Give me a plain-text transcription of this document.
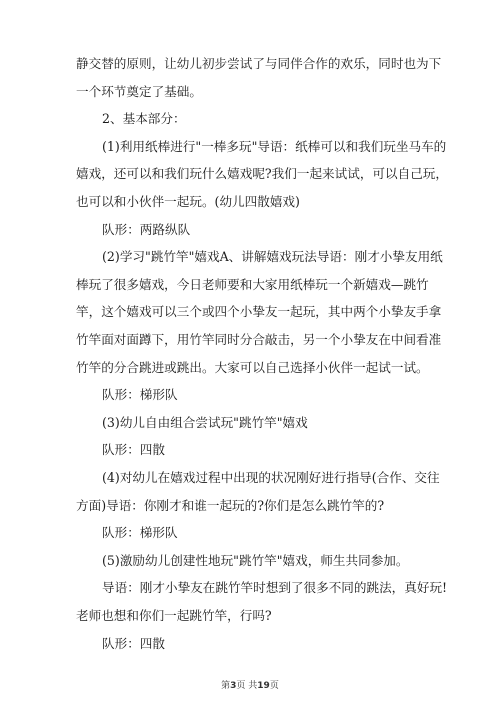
静交替的原则，让幼儿初步尝试了与同伴合作的欢乐，同时也为下

一个环节奠定了基础。

2、基本部分：

(1)利用纸棒进行"一棒多玩"导语：纸棒可以和我们玩坐马车的

嬉戏，还可以和我们玩什么嬉戏呢?我们一起来试试，可以自己玩，

也可以和小伙伴一起玩。(幼儿四散嬉戏)

队形：两路纵队

(2)学习"跳竹竿"嬉戏A、讲解嬉戏玩法导语：刚才小挚友用纸

棒玩了很多嬉戏，今日老师要和大家用纸棒玩一个新嬉戏—跳竹

竿，这个嬉戏可以三个或四个小挚友一起玩，其中两个小挚友手拿

竹竿面对面蹲下，用竹竿同时分合敲击，另一个小挚友在中间看准

竹竿的分合跳进或跳出。大家可以自己选择小伙伴一起试一试。

队形：梯形队

(3)幼儿自由组合尝试玩"跳竹竿"嬉戏

队形：四散

(4)对幼儿在嬉戏过程中出现的状况刚好进行指导(合作、交往

方面)导语：你刚才和谁一起玩的?你们是怎么跳竹竿的?

队形：梯形队

(5)激励幼儿创建性地玩"跳竹竿"嬉戏，师生共同参加。

导语：刚才小挚友在跳竹竿时想到了很多不同的跳法，真好玩!

老师也想和你们一起跳竹竿，行吗?

队形：四散

第3页 共19页
